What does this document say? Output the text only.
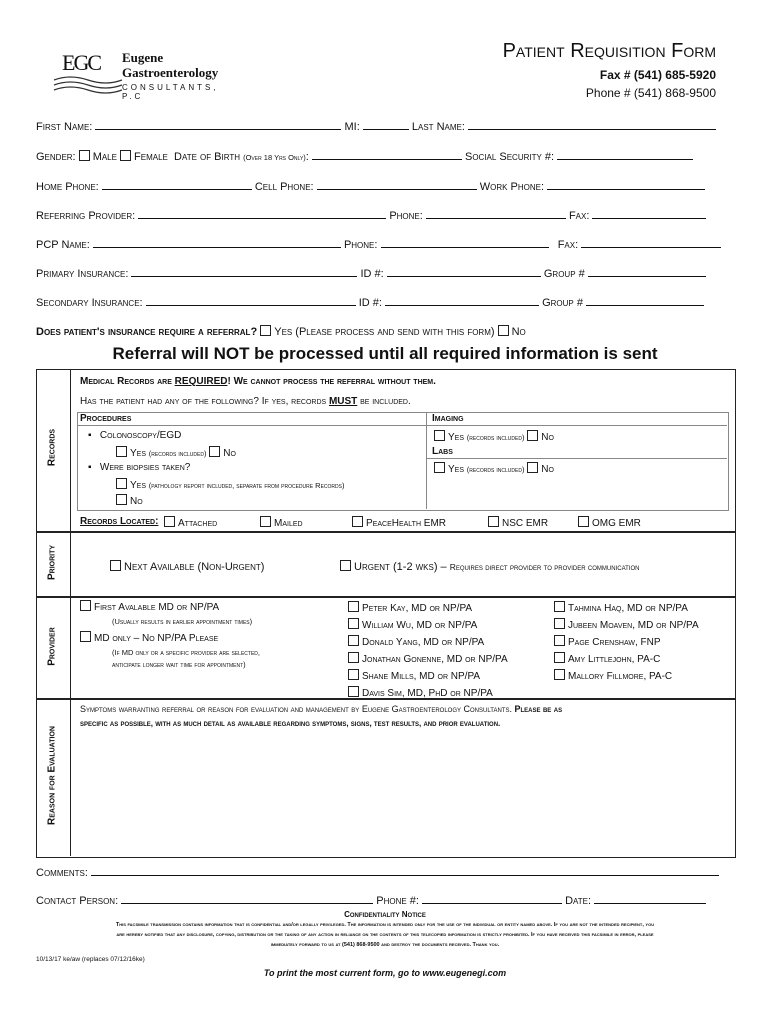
EGC Eugene
Gastroenterology
CONSULTANTS, P.C
Patient Requisition Form
Fax # (541) 685-5920
Phone # (541) 868-9500
First Name:	MI:	Last Name:
Gender: Male Female Date of Birth (Over 18 Yrs Only):	Social Security #:
Home Phone:	Cell Phone:	Work Phone:
Referring Provider:	Phone:	Fax:
PCP Name:	Phone:	Fax:
Primary Insurance:	ID #:	Group #
Secondary Insurance:	ID #:	Group #
Does patient's insurance require a referral? Yes (Please process and send with this form) No
Referral will NOT be processed until all required information is sent
Records
Medical Records are REQUIRED! We cannot process the referral without them.
Has the patient had any of the following? If yes, records MUST be included.
Procedures
▪   Colonoscopy/EGD
Yes (records included) No
▪   Were biopsies taken?
Yes (pathology report included, separate from procedure Records)
No
Imaging
Yes (records included) No
Labs
Yes (records included) No
Records Located:	Attached	Mailed	PeaceHealth EMR	NSC EMR	OMG EMR
Priority	Next Available (Non-Urgent)	Urgent (1-2 wks) – Requires direct provider to provider communication
Provider
First Avalable MD or NP/PA
(Usually results in earlier appointment times)
MD only – No NP/PA Please
(If MD only or a specific provider are selected,
anticipate longer wait time for appointment)
Peter Kay, MD or NP/PA
William Wu, MD or NP/PA
Donald Yang, MD or NP/PA
Jonathan Gonenne, MD or NP/PA
Shane Mills, MD or NP/PA
Davis Sim, MD, PhD or NP/PA
Tahmina Haq, MD or NP/PA
Jubeen Moaven, MD or NP/PA
Page Crenshaw, FNP
Amy Littlejohn, PA-C
Mallory Fillmore, PA-C
Reason for Evaluation
Symptoms warranting referral or reason for evaluation and management by Eugene Gastroenterology Consultants. Please be as
specific as possible, with as much detail as available regarding symptoms, signs, test results, and prior evaluation.
Comments:
Contact Person:	Phone #:	Date:
Confidentiality Notice
This facsimile transmission contains information that is confidential and/or legally privileged. The information is intended only for the use of the individual or entity named above. If you are not the intended recipient, you
are hereby notified that any disclosure, copying, distribution or the taking of any action in reliance on the contents of this telecopied information is strictly prohibited. If you have received this facsimile in error, please
immediately forward to us at (541) 868-9500 and destroy the documents received. Thank you.
10/13/17 ke/aw (replaces 07/12/16ke)
To print the most current form, go to www.eugenegi.com
